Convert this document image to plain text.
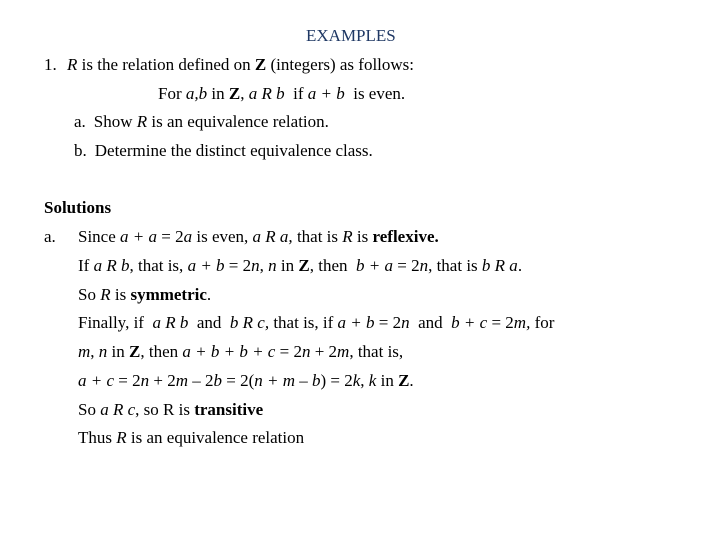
EXAMPLES
1. R is the relation defined on Z (integers) as follows:
For a,b in Z, a R b  if a + b  is even.
a. Show R is an equivalence relation.
b. Determine the distinct equivalence class.
Solutions
a. Since a + a = 2a is even, a R a, that is R is reflexive.
If a R b, that is, a + b = 2n, n in Z, then  b + a = 2n, that is b R a.
So R is symmetric.
Finally, if  a R b  and  b R c, that is, if a + b = 2n  and  b + c = 2m, for
m, n in Z, then a + b + b + c = 2n + 2m, that is,
a + c = 2n + 2m – 2b = 2(n + m – b) = 2k, k in Z.
So a R c, so R is transitive
Thus R is an equivalence relation
